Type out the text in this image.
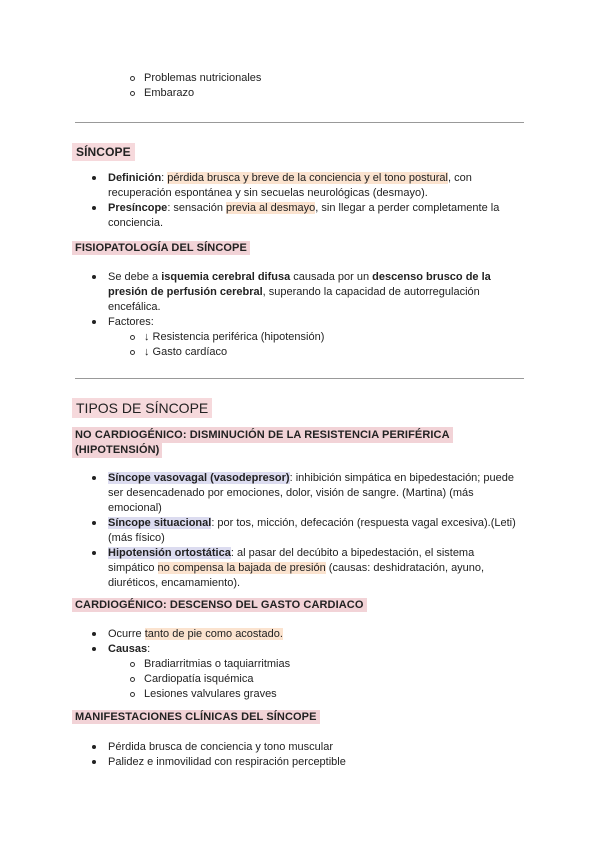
Problemas nutricionales
Embarazo
SÍNCOPE
Definición: pérdida brusca y breve de la conciencia y el tono postural, con
recuperación espontánea y sin secuelas neurológicas (desmayo).
Presíncope: sensación previa al desmayo, sin llegar a perder completamente la
conciencia.
FISIOPATOLOGÍA DEL SÍNCOPE
Se debe a isquemia cerebral difusa causada por un descenso brusco de la
presión de perfusión cerebral, superando la capacidad de autorregulación
encefálica.
Factores:
↓ Resistencia periférica (hipotensión)
↓ Gasto cardíaco
TIPOS DE SÍNCOPE
NO CARDIOGÉNICO: DISMINUCIÓN DE LA RESISTENCIA PERIFÉRICA
(HIPOTENSIÓN)
Síncope vasovagal (vasodepresor): inhibición simpática en bipedestación; puede
ser desencadenado por emociones, dolor, visión de sangre. (Martina) (más
emocional)
Síncope situacional: por tos, micción, defecación (respuesta vagal excesiva).(Leti)
(más físico)
Hipotensión ortostática: al pasar del decúbito a bipedestación, el sistema
simpático no compensa la bajada de presión (causas: deshidratación, ayuno,
diuréticos, encamamiento).
CARDIOGÉNICO: DESCENSO DEL GASTO CARDIACO
Ocurre tanto de pie como acostado.
Causas:
Bradiarritmias o taquiarritmias
Cardiopatía isquémica
Lesiones valvulares graves
MANIFESTACIONES CLÍNICAS DEL SÍNCOPE
Pérdida brusca de conciencia y tono muscular
Palidez e inmovilidad con respiración perceptible
